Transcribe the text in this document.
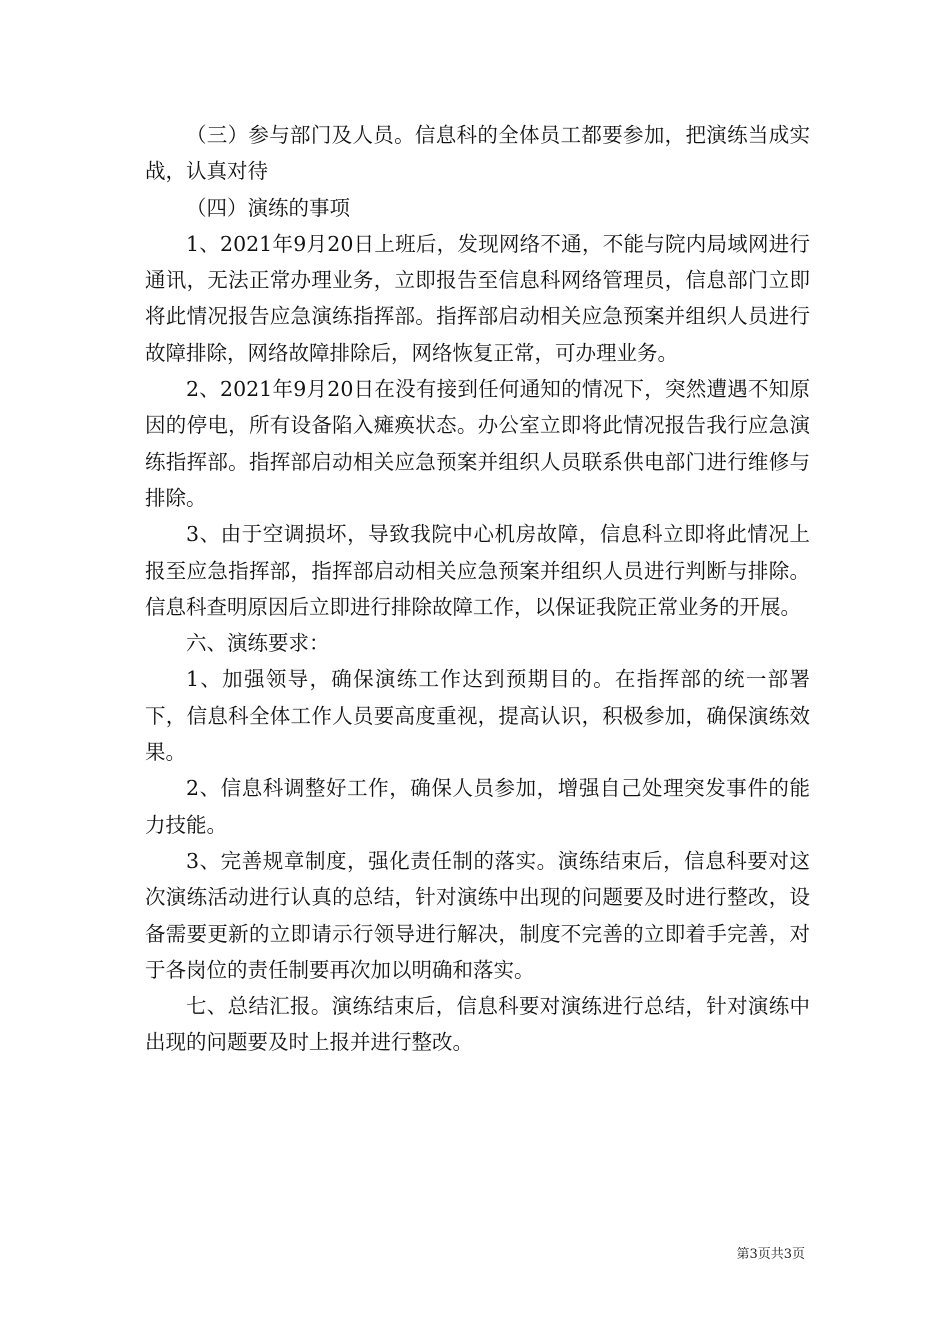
（三）参与部门及人员。信息科的全体员工都要参加，把演练当成实战，认真对待

（四）演练的事项

1、2021年9月20日上班后，发现网络不通，不能与院内局域网进行通讯，无法正常办理业务，立即报告至信息科网络管理员，信息部门立即将此情况报告应急演练指挥部。指挥部启动相关应急预案并组织人员进行故障排除，网络故障排除后，网络恢复正常，可办理业务。

2、2021年9月20日在没有接到任何通知的情况下，突然遭遇不知原因的停电，所有设备陷入瘫痪状态。办公室立即将此情况报告我行应急演练指挥部。指挥部启动相关应急预案并组织人员联系供电部门进行维修与排除。

3、由于空调损坏，导致我院中心机房故障，信息科立即将此情况上报至应急指挥部，指挥部启动相关应急预案并组织人员进行判断与排除。信息科查明原因后立即进行排除故障工作，以保证我院正常业务的开展。

六、演练要求：

1、加强领导，确保演练工作达到预期目的。在指挥部的统一部署下，信息科全体工作人员要高度重视，提高认识，积极参加，确保演练效果。

2、信息科调整好工作，确保人员参加，增强自己处理突发事件的能力技能。

3、完善规章制度，强化责任制的落实。演练结束后，信息科要对这次演练活动进行认真的总结，针对演练中出现的问题要及时进行整改，设备需要更新的立即请示行领导进行解决，制度不完善的立即着手完善，对于各岗位的责任制要再次加以明确和落实。

七、总结汇报。演练结束后，信息科要对演练进行总结，针对演练中出现的问题要及时上报并进行整改。

第3页共3页
